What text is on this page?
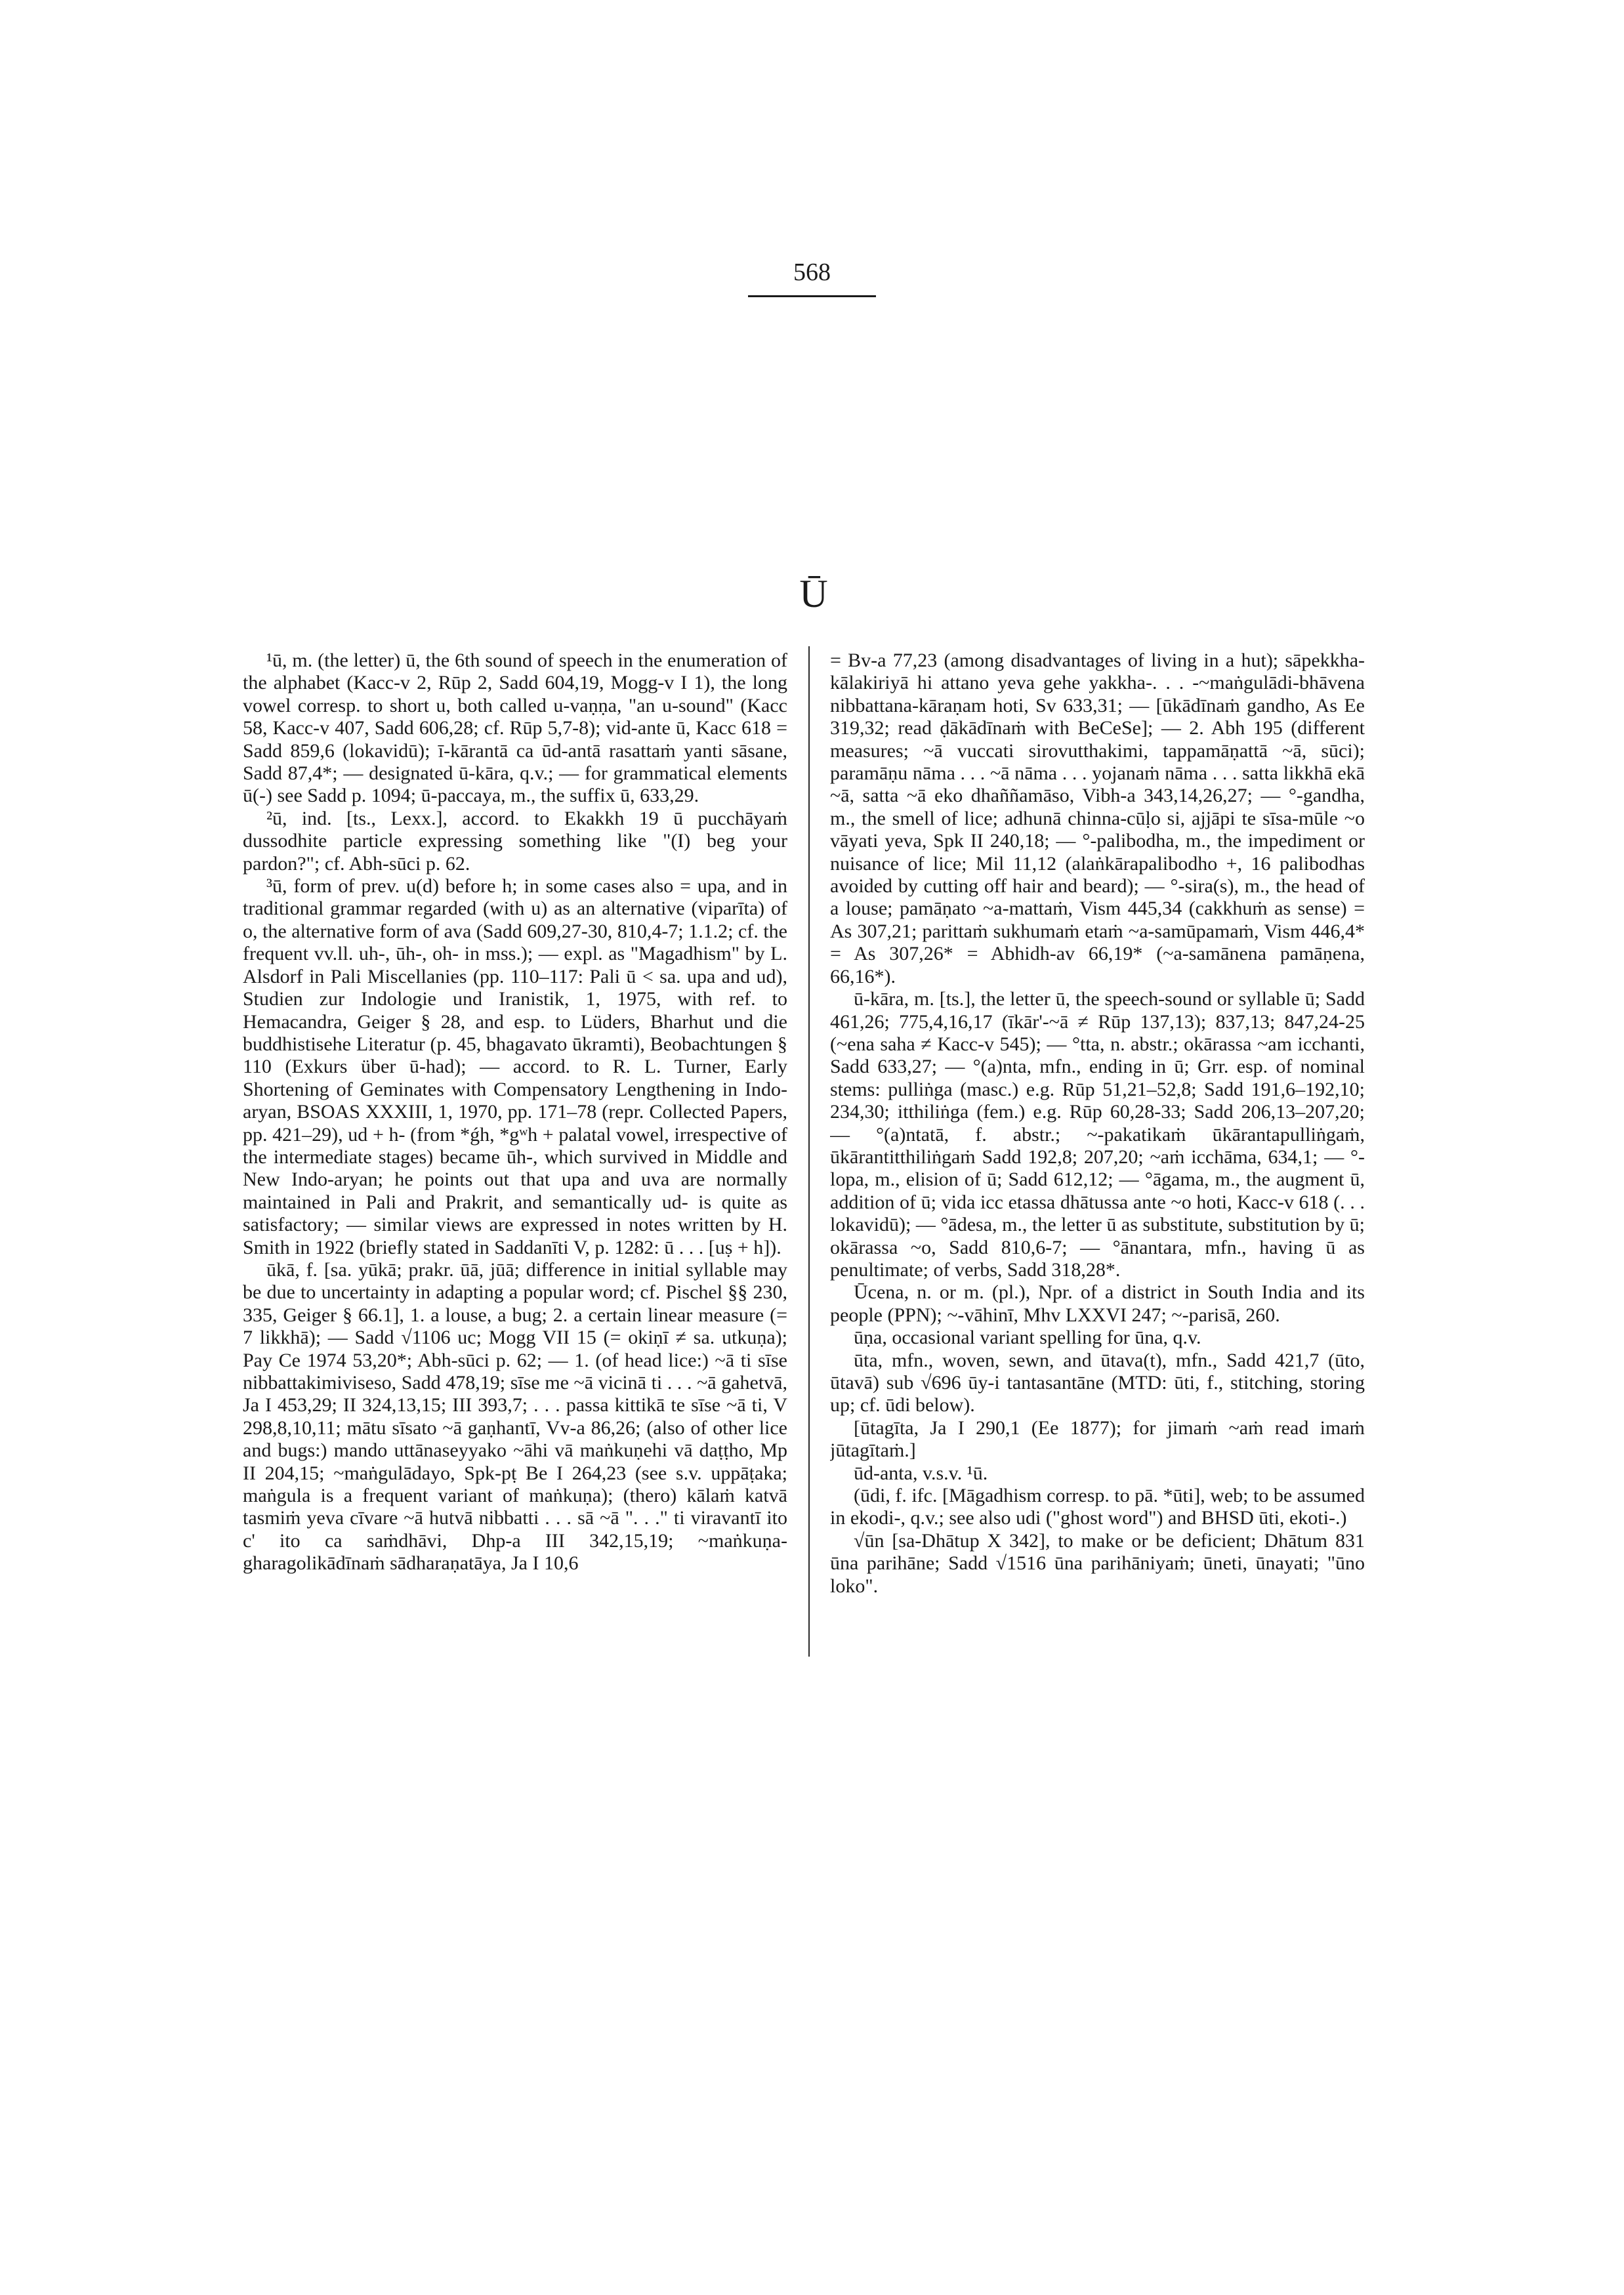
568
Ū

¹ū, m. (the letter) ū, the 6th sound of speech in the enumeration of the alphabet (Kacc-v 2, Rūp 2, Sadd 604,19, Mogg-v I 1), the long vowel corresp. to short u, both called u-vaṇṇa, "an u-sound" (Kacc 58, Kacc-v 407, Sadd 606,28; cf. Rūp 5,7-8); vid-ante ū, Kacc 618 = Sadd 859,6 (lokavidū); ī-kārantā ca ūd-antā rasattaṁ yanti sāsane, Sadd 87,4*; — designated ū-kāra, q.v.; — for grammatical elements ū(-) see Sadd p. 1094; ū-paccaya, m., the suffix ū, 633,29.

²ū, ind. [ts., Lexx.], accord. to Ekakkh 19 ū pucchāyaṁ dussodhite particle expressing something like "(I) beg your pardon?"; cf. Abh-sūci p. 62.

³ū, form of prev. u(d) before h; in some cases also = upa, and in traditional grammar regarded (with u) as an alternative (viparīta) of o, the alternative form of ava (Sadd 609,27-30, 810,4-7; 1.1.2; cf. the frequent vv.ll. uh-, ūh-, oh- in mss.); — expl. as "Magadhism" by L. Alsdorf in Pali Miscellanies (pp. 110–117: Pali ū < sa. upa and ud), Studien zur Indologie und Iranistik, 1, 1975, with ref. to Hemacandra, Geiger § 28, and esp. to Lüders, Bharhut und die buddhistisehe Literatur (p. 45, bhagavato ūkramti), Beobachtungen § 110 (Exkurs über ū-had); — accord. to R. L. Turner, Early Shortening of Geminates with Compensatory Lengthening in Indo-aryan, BSOAS XXXIII, 1, 1970, pp. 171–78 (repr. Collected Papers, pp. 421–29), ud + h- (from *ǵh, *gʷh + palatal vowel, irrespective of the intermediate stages) became ūh-, which survived in Middle and New Indo-aryan; he points out that upa and uva are normally maintained in Pali and Prakrit, and semantically ud- is quite as satisfactory; — similar views are expressed in notes written by H. Smith in 1922 (briefly stated in Saddanīti V, p. 1282: ū . . . [uṣ + h]).

ūkā, f. [sa. yūkā; prakr. ūā, jūā; difference in initial syllable may be due to uncertainty in adapting a popular word; cf. Pischel §§ 230, 335, Geiger § 66.1], 1. a louse, a bug; 2. a certain linear measure (= 7 likkhā); — Sadd √1106 uc; Mogg VII 15 (= okiṇī ≠ sa. utkuṇa); Pay Ce 1974 53,20*; Abh-sūci p. 62; — 1. (of head lice:) ~ā ti sīse nibbattakimiviseso, Sadd 478,19; sīse me ~ā vicinā ti . . . ~ā gahetvā, Ja I 453,29; II 324,13,15; III 393,7; . . . passa kittikā te sīse ~ā ti, V 298,8,10,11; mātu sīsato ~ā gaṇhantī, Vv-a 86,26; (also of other lice and bugs:) mando uttānaseyyako ~āhi vā maṅkuṇehi vā daṭṭho, Mp II 204,15; ~maṅgulādayo, Spk-pṭ Be I 264,23 (see s.v. uppāṭaka; maṅgula is a frequent variant of maṅkuṇa); (thero) kālaṁ katvā tasmiṁ yeva cīvare ~ā hutvā nibbatti . . . sā ~ā ". . ." ti viravantī ito c' ito ca saṁdhāvi, Dhp-a III 342,15,19; ~maṅkuṇa-gharagolikādīnaṁ sādharaṇatāya, Ja I 10,6

= Bv-a 77,23 (among disadvantages of living in a hut); sāpekkha-kālakiriyā hi attano yeva gehe yakkha-. . . -~maṅgulādi-bhāvena nibbattana-kāraṇam hoti, Sv 633,31; — [ūkādīnaṁ gandho, As Ee 319,32; read ḍākādīnaṁ with BeCeSe]; — 2. Abh 195 (different measures; ~ā vuccati sirovutthakimi, tappamāṇattā ~ā, sūci); paramāṇu nāma . . . ~ā nāma . . . yojanaṁ nāma . . . satta likkhā ekā ~ā, satta ~ā eko dhaññamāso, Vibh-a 343,14,26,27; — °-gandha, m., the smell of lice; adhunā chinna-cūḷo si, ajjāpi te sīsa-mūle ~o vāyati yeva, Spk II 240,18; — °-palibodha, m., the impediment or nuisance of lice; Mil 11,12 (alaṅkārapalibodho +, 16 palibodhas avoided by cutting off hair and beard); — °-sira(s), m., the head of a louse; pamāṇato ~a-mattaṁ, Vism 445,34 (cakkhuṁ as sense) = As 307,21; parittaṁ sukhumaṁ etaṁ ~a-samūpamaṁ, Vism 446,4* = As 307,26* = Abhidh-av 66,19* (~a-samānena pamāṇena, 66,16*).

ū-kāra, m. [ts.], the letter ū, the speech-sound or syllable ū; Sadd 461,26; 775,4,16,17 (īkār'-~ā ≠ Rūp 137,13); 837,13; 847,24-25 (~ena saha ≠ Kacc-v 545); — °tta, n. abstr.; okārassa ~am icchanti, Sadd 633,27; — °(a)nta, mfn., ending in ū; Grr. esp. of nominal stems: pulliṅga (masc.) e.g. Rūp 51,21–52,8; Sadd 191,6–192,10; 234,30; itthiliṅga (fem.) e.g. Rūp 60,28-33; Sadd 206,13–207,20; — °(a)ntatā, f. abstr.; ~-pakatikaṁ ūkārantapulliṅgaṁ, ūkārantitthiliṅgaṁ Sadd 192,8; 207,20; ~aṁ icchāma, 634,1; — °-lopa, m., elision of ū; Sadd 612,12; — °āgama, m., the augment ū, addition of ū; vida icc etassa dhātussa ante ~o hoti, Kacc-v 618 (. . . lokavidū); — °ādesa, m., the letter ū as substitute, substitution by ū; okārassa ~o, Sadd 810,6-7; — °ānantara, mfn., having ū as penultimate; of verbs, Sadd 318,28*.

Ūcena, n. or m. (pl.), Npr. of a district in South India and its people (PPN); ~-vāhinī, Mhv LXXVI 247; ~-parisā, 260.

ūṇa, occasional variant spelling for ūna, q.v.

ūta, mfn., woven, sewn, and ūtava(t), mfn., Sadd 421,7 (ūto, ūtavā) sub √696 ūy-i tantasantāne (MTD: ūti, f., stitching, storing up; cf. ūdi below).

[ūtagīta, Ja I 290,1 (Ee 1877); for jimaṁ ~aṁ read imaṁ jūtagītaṁ.]

ūd-anta, v.s.v. ¹ū.

(ūdi, f. ifc. [Māgadhism corresp. to pā. *ūti], web; to be assumed in ekodi-, q.v.; see also udi ("ghost word") and BHSD ūti, ekoti-.)

√ūn [sa-Dhātup X 342], to make or be deficient; Dhātum 831 ūna parihāne; Sadd √1516 ūna parihāniyaṁ; ūneti, ūnayati; "ūno loko".
